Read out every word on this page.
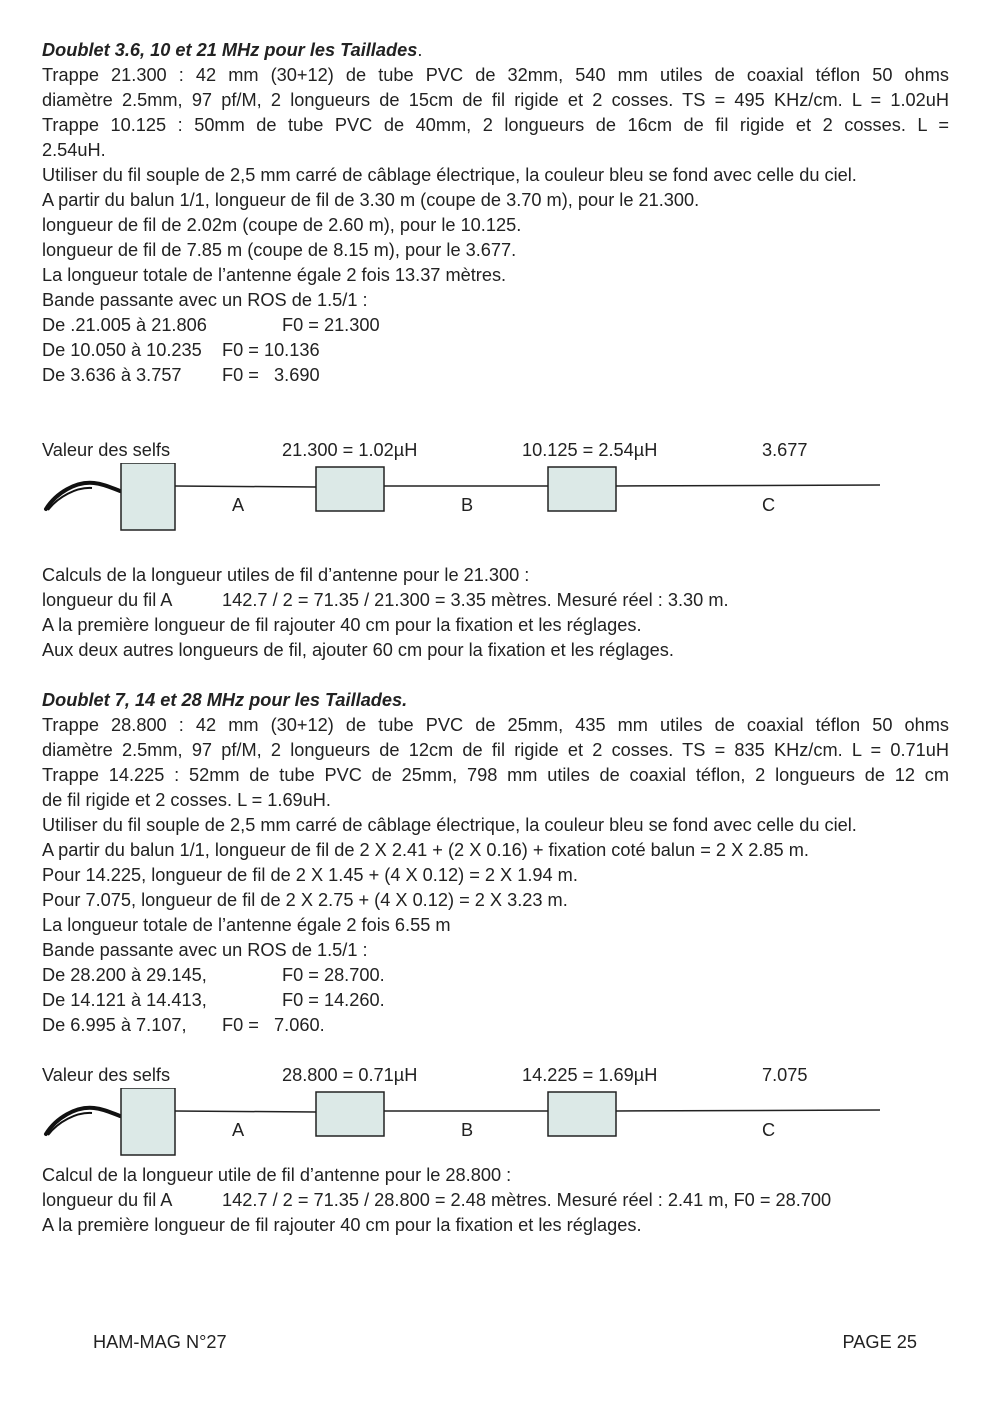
Doublet 3.6, 10 et 21 MHz pour les Taillades.
Trappe 21.300 : 42 mm (30+12) de tube PVC de 32mm, 540 mm utiles de coaxial téflon 50 ohms
diamètre 2.5mm, 97 pf/M, 2 longueurs de 15cm de fil rigide et 2 cosses. TS = 495 KHz/cm. L = 1.02uH
Trappe 10.125 : 50mm de tube PVC de 40mm, 2 longueurs de 16cm de fil rigide et 2 cosses. L =
2.54uH.
Utiliser du fil souple de 2,5 mm carré de câblage électrique, la couleur bleu se fond avec celle du ciel.
A partir du balun 1/1, longueur de fil de 3.30 m (coupe de 3.70 m), pour le 21.300.
longueur de fil de 2.02m (coupe de 2.60 m), pour le 10.125.
longueur de fil de 7.85 m (coupe de 8.15 m), pour le 3.677.
La longueur totale de l’antenne égale 2 fois 13.37 mètres.
Bande passante avec un ROS de 1.5/1 :
De .21.005 à 21.806	F0 = 21.300
De 10.050 à 10.235 F0 = 10.136
De 3.636 à 3.757 F0 =   3.690
Valeur des selfs	21.300 = 1.02µH	10.125 = 2.54µH	3.677
A	B	C
Calculs de la longueur utiles de fil d’antenne pour le 21.300 :
longueur du fil A	142.7 / 2 = 71.35 / 21.300 = 3.35 mètres. Mesuré réel : 3.30 m.
A la première longueur de fil rajouter 40 cm pour la fixation et les réglages.
Aux deux autres longueurs de fil, ajouter 60 cm pour la fixation et les réglages.
Doublet 7, 14 et 28 MHz pour les Taillades.
Trappe 28.800 : 42 mm (30+12) de tube PVC de 25mm, 435 mm utiles de coaxial téflon 50 ohms
diamètre 2.5mm, 97 pf/M, 2 longueurs de 12cm de fil rigide et 2 cosses. TS = 835 KHz/cm. L = 0.71uH
Trappe 14.225 : 52mm de tube PVC de 25mm, 798 mm utiles de coaxial téflon, 2 longueurs de 12 cm
de fil rigide et 2 cosses. L = 1.69uH.
Utiliser du fil souple de 2,5 mm carré de câblage électrique, la couleur bleu se fond avec celle du ciel.
A partir du balun 1/1, longueur de fil de 2 X 2.41 + (2 X 0.16) + fixation coté balun = 2 X 2.85 m.
Pour 14.225, longueur de fil de 2 X 1.45 + (4 X 0.12) = 2 X 1.94 m.
Pour 7.075, longueur de fil de 2 X 2.75 + (4 X 0.12) = 2 X 3.23 m.
La longueur totale de l’antenne égale 2 fois 6.55 m
Bande passante avec un ROS de 1.5/1 :
De 28.200 à 29.145,	F0 = 28.700.
De 14.121 à 14.413,	F0 = 14.260.
De 6.995 à 7.107, F0 =   7.060.
Valeur des selfs	28.800 = 0.71µH	14.225 = 1.69µH	7.075
A	B	C
Calcul de la longueur utile de fil d’antenne pour le 28.800 :
longueur du fil A	142.7 / 2 = 71.35 / 28.800 = 2.48 mètres. Mesuré réel : 2.41 m, F0 = 28.700
A la première longueur de fil rajouter 40 cm pour la fixation et les réglages.
HAM-MAG N°27	PAGE 25
